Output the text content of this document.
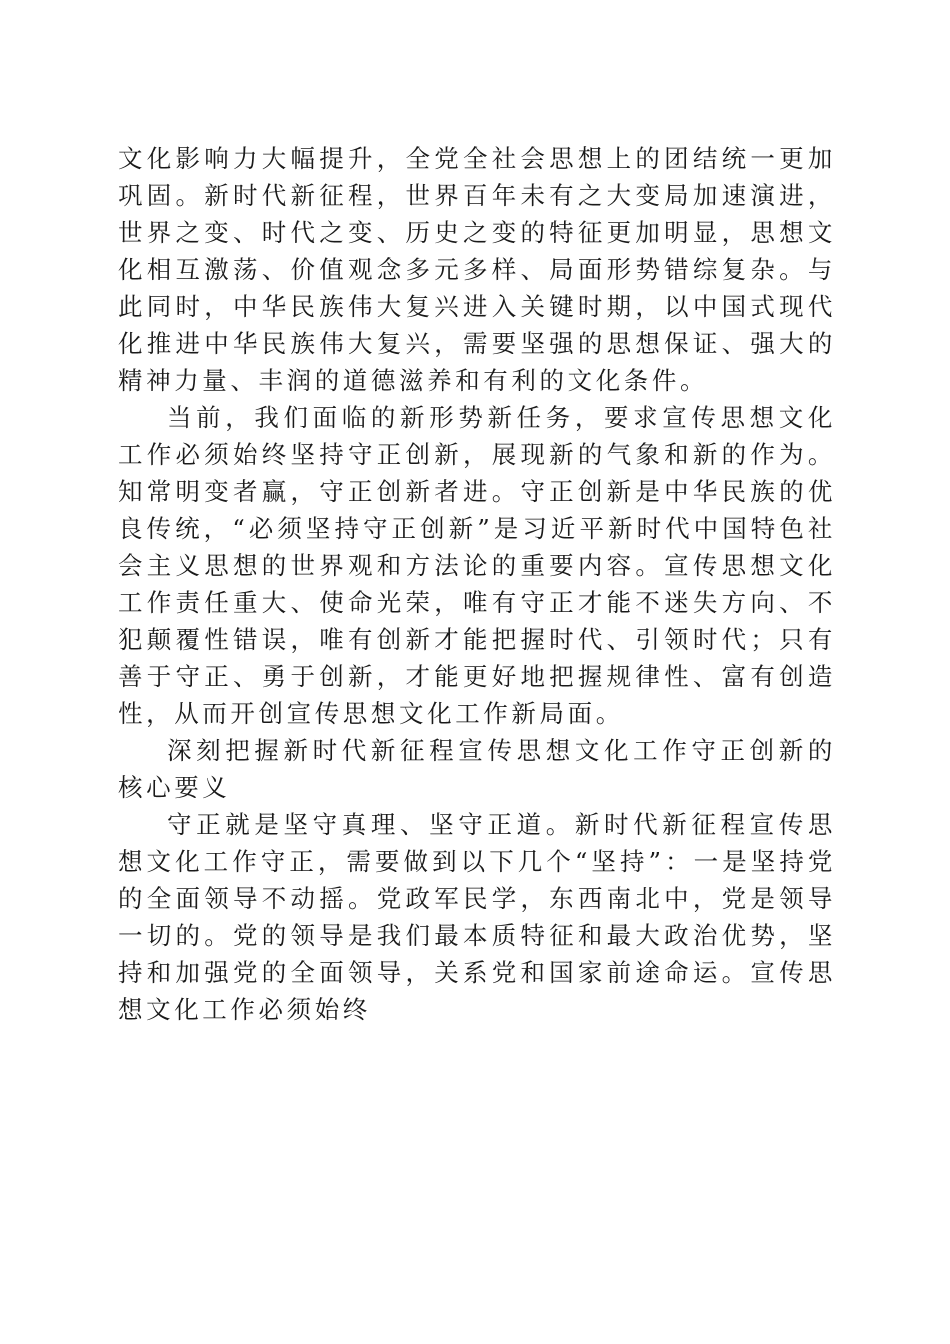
文化影响力大幅提升，全党全社会思想上的团结统一更加巩固。新时代新征程，世界百年未有之大变局加速演进，世界之变、时代之变、历史之变的特征更加明显，思想文化相互激荡、价值观念多元多样、局面形势错综复杂。与此同时，中华民族伟大复兴进入关键时期，以中国式现代化推进中华民族伟大复兴，需要坚强的思想保证、强大的精神力量、丰润的道德滋养和有利的文化条件。

当前，我们面临的新形势新任务，要求宣传思想文化工作必须始终坚持守正创新，展现新的气象和新的作为。知常明变者赢，守正创新者进。守正创新是中华民族的优良传统，“必须坚持守正创新”是习近平新时代中国特色社会主义思想的世界观和方法论的重要内容。宣传思想文化工作责任重大、使命光荣，唯有守正才能不迷失方向、不犯颠覆性错误，唯有创新才能把握时代、引领时代；只有善于守正、勇于创新，才能更好地把握规律性、富有创造性，从而开创宣传思想文化工作新局面。

深刻把握新时代新征程宣传思想文化工作守正创新的核心要义

守正就是坚守真理、坚守正道。新时代新征程宣传思想文化工作守正，需要做到以下几个“坚持”：一是坚持党的全面领导不动摇。党政军民学，东西南北中，党是领导一切的。党的领导是我们最本质特征和最大政治优势，坚持和加强党的全面领导，关系党和国家前途命运。宣传思想文化工作必须始终
